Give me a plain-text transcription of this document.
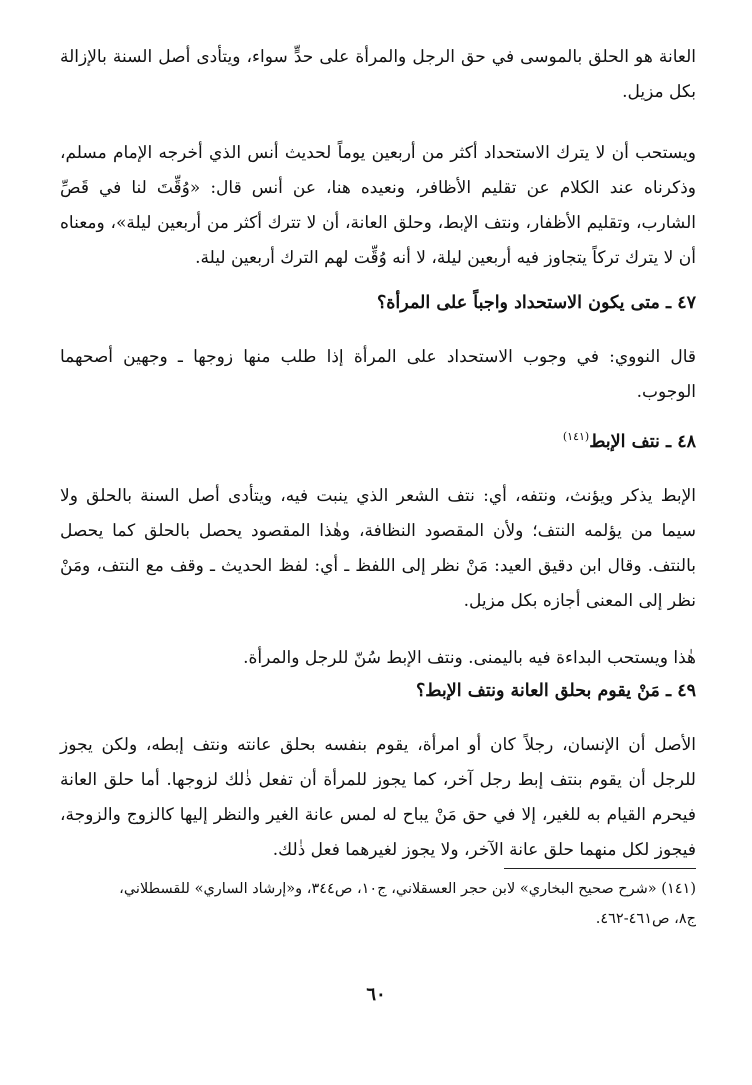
العانة هو الحلق بالموسى في حق الرجل والمرأة على حدٍّ سواء، ويتأدى أصل السنة بالإزالة بكل مزيل.

ويستحب أن لا يترك الاستحداد أكثر من أربعين يوماً لحديث أنس الذي أخرجه الإمام مسلم، وذكرناه عند الكلام عن تقليم الأظافر، ونعيده هنا، عن أنس قال: «وُقِّتَ لنا في قَصِّ الشارب، وتقليم الأظفار، ونتف الإبط، وحلق العانة، أن لا تترك أكثر من أربعين ليلة»، ومعناه أن لا يترك تركاً يتجاوز فيه أربعين ليلة، لا أنه وُقِّت لهم الترك أربعين ليلة.

٤٧ ـ متى يكون الاستحداد واجباً على المرأة؟

قال النووي: في وجوب الاستحداد على المرأة إذا طلب منها زوجها ـ وجهين أصحهما الوجوب.

٤٨ ـ نتف الإبط$^{(١٤١)}$

الإبط يذكر ويؤنث، ونتفه، أي: نتف الشعر الذي ينبت فيه، ويتأدى أصل السنة بالحلق ولا سيما من يؤلمه النتف؛ ولأن المقصود النظافة، وهٰذا المقصود يحصل بالحلق كما يحصل بالنتف. وقال ابن دقيق العيد: مَنْ نظر إلى اللفظ ـ أي: لفظ الحديث ـ وقف مع النتف، ومَنْ نظر إلى المعنى أجازه بكل مزيل.

هٰذا ويستحب البداءة فيه باليمنى. ونتف الإبط سُنّ للرجل والمرأة.

٤٩ ـ مَنْ يقوم بحلق العانة ونتف الإبط؟

الأصل أن الإنسان، رجلاً كان أو امرأة، يقوم بنفسه بحلق عانته ونتف إبطه، ولكن يجوز للرجل أن يقوم بنتف إبط رجل آخر، كما يجوز للمرأة أن تفعل ذٰلك لزوجها. أما حلق العانة فيحرم القيام به للغير، إلا في حق مَنْ يباح له لمس عانة الغير والنظر إليها كالزوج والزوجة، فيجوز لكل منهما حلق عانة الآخر، ولا يجوز لغيرهما فعل ذٰلك.

(١٤١) «شرح صحيح البخاري» لابن حجر العسقلاني، ج١٠، ص٣٤٤، و«إرشاد الساري» للقسطلاني،

ج٨، ص٤٦١-٤٦٢.

٦٠
